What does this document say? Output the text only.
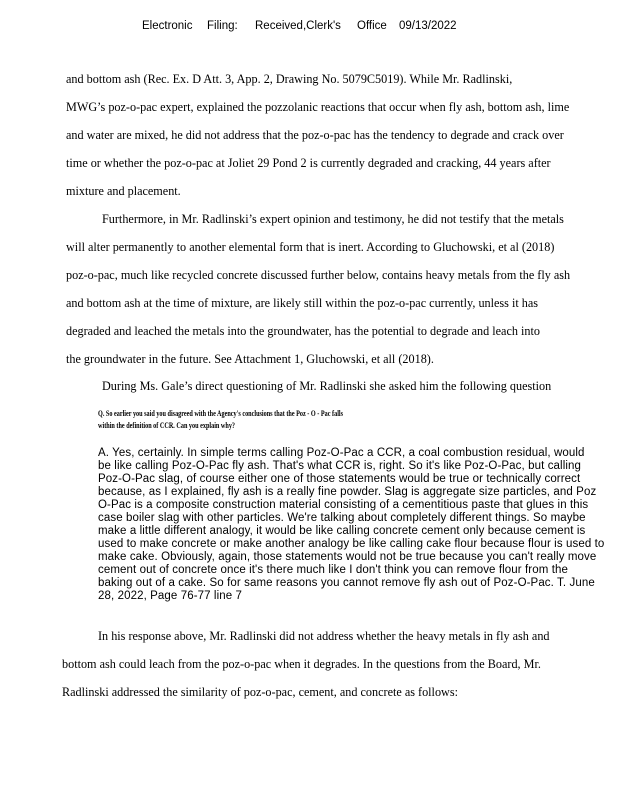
Electronic Filing: Received,Clerk's Office 09/13/2022
and bottom ash (Rec. Ex. D Att. 3, App. 2, Drawing No. 5079C5019). While Mr. Radlinski,
MWG’s poz-o-pac expert, explained the pozzolanic reactions that occur when fly ash, bottom ash, lime
and water are mixed, he did not address that the poz-o-pac has the tendency to degrade and crack over
time or whether the poz-o-pac at Joliet 29 Pond 2 is currently degraded and cracking, 44 years after
mixture and placement.
Furthermore, in Mr. Radlinski’s expert opinion and testimony, he did not testify that the metals
will alter permanently to another elemental form that is inert. According to Gluchowski, et al (2018)
poz-o-pac, much like recycled concrete discussed further below, contains heavy metals from the fly ash
and bottom ash at the time of mixture, are likely still within the poz-o-pac currently, unless it has
degraded and leached the metals into the groundwater, has the potential to degrade and leach into
the groundwater in the future. See Attachment 1, Gluchowski, et all (2018).
During Ms. Gale’s direct questioning of Mr. Radlinski she asked him the following question
Q. So earlier you said you disagreed with the Agency's conclusions that the Poz - O - Pac falls
within the definition of CCR. Can you explain why?
A. Yes, certainly. In simple terms calling Poz-O-Pac a CCR, a coal combustion residual, would
be like calling Poz-O-Pac fly ash. That's what CCR is, right. So it's like Poz-O-Pac, but calling
Poz-O-Pac slag, of course either one of those statements would be true or technically correct
because, as I explained, fly ash is a really fine powder. Slag is aggregate size particles, and Poz
O-Pac is a composite construction material consisting of a cementitious paste that glues in this
case boiler slag with other particles. We're talking about completely different things. So maybe
make a little different analogy, it would be like calling concrete cement only because cement is
used to make concrete or make another analogy be like calling cake flour because flour is used to
make cake. Obviously, again, those statements would not be true because you can't really move
cement out of concrete once it's there much like I don't think you can remove flour from the
baking out of a cake. So for same reasons you cannot remove fly ash out of Poz-O-Pac. T. June
28, 2022, Page 76-77 line 7
In his response above, Mr. Radlinski did not address whether the heavy metals in fly ash and
bottom ash could leach from the poz-o-pac when it degrades. In the questions from the Board, Mr.
Radlinski addressed the similarity of poz-o-pac, cement, and concrete as follows:
